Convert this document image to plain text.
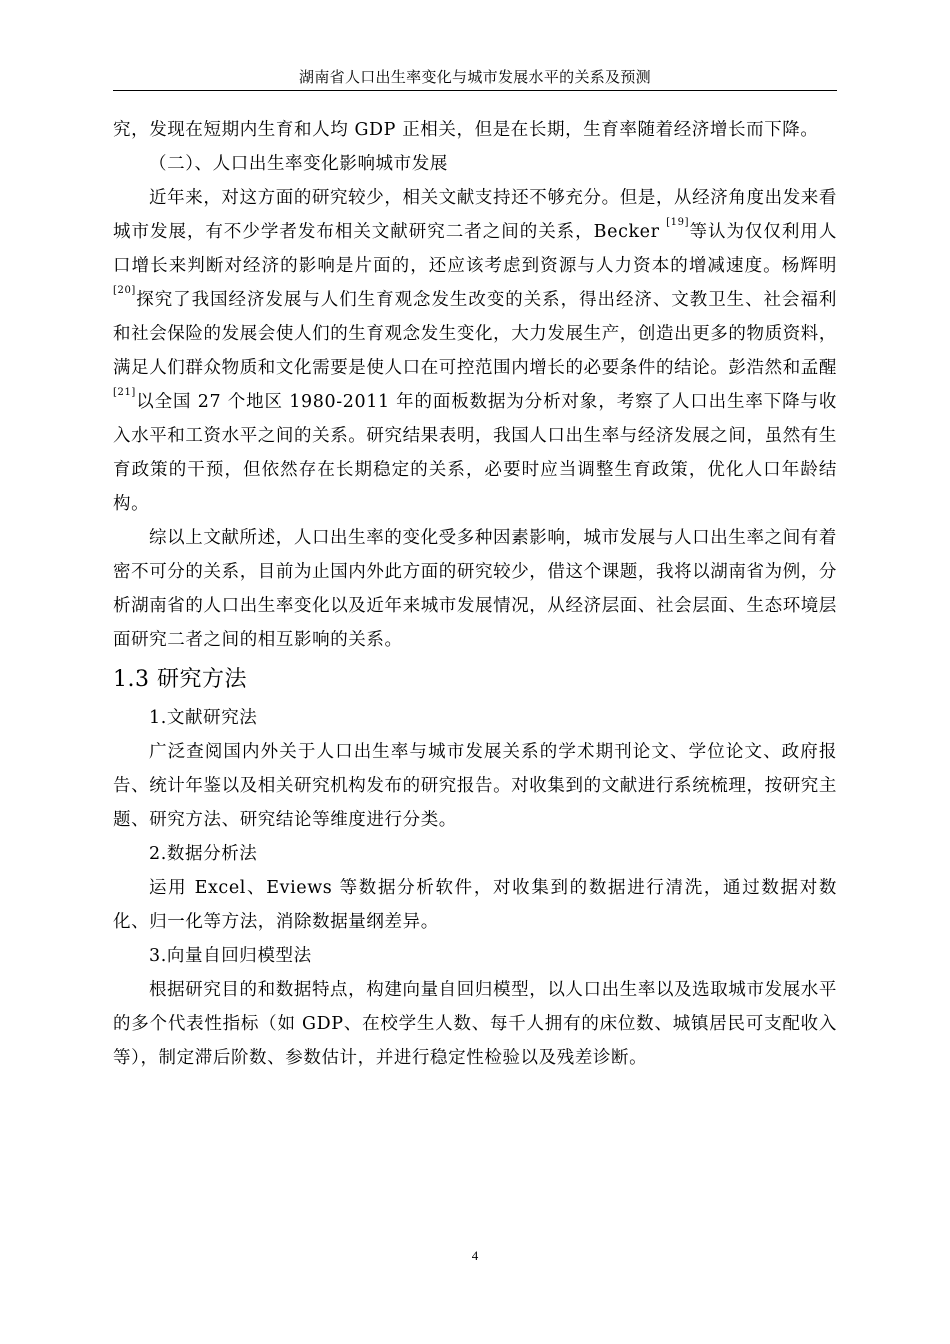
湖南省人口出生率变化与城市发展水平的关系及预测

究，发现在短期内生育和人均 GDP 正相关，但是在长期，生育率随着经济增长而下降。

（二）、人口出生率变化影响城市发展

近年来，对这方面的研究较少，相关文献支持还不够充分。但是，从经济角度出发来看城市发展，有不少学者发布相关文献研究二者之间的关系，Becker [19]等认为仅仅利用人口增长来判断对经济的影响是片面的，还应该考虑到资源与人力资本的增减速度。杨辉明[20]探究了我国经济发展与人们生育观念发生改变的关系，得出经济、文教卫生、社会福利和社会保险的发展会使人们的生育观念发生变化，大力发展生产，创造出更多的物质资料，满足人们群众物质和文化需要是使人口在可控范围内增长的必要条件的结论。彭浩然和孟醒[21]以全国 27 个地区 1980-2011 年的面板数据为分析对象，考察了人口出生率下降与收入水平和工资水平之间的关系。研究结果表明，我国人口出生率与经济发展之间，虽然有生育政策的干预，但依然存在长期稳定的关系，必要时应当调整生育政策，优化人口年龄结构。

综以上文献所述，人口出生率的变化受多种因素影响，城市发展与人口出生率之间有着密不可分的关系，目前为止国内外此方面的研究较少，借这个课题，我将以湖南省为例，分析湖南省的人口出生率变化以及近年来城市发展情况，从经济层面、社会层面、生态环境层面研究二者之间的相互影响的关系。

1.3 研究方法

1.文献研究法

广泛查阅国内外关于人口出生率与城市发展关系的学术期刊论文、学位论文、政府报告、统计年鉴以及相关研究机构发布的研究报告。对收集到的文献进行系统梳理，按研究主题、研究方法、研究结论等维度进行分类。

2.数据分析法

运用 Excel、Eviews 等数据分析软件，对收集到的数据进行清洗，通过数据对数化、归一化等方法，消除数据量纲差异。

3.向量自回归模型法

根据研究目的和数据特点，构建向量自回归模型，以人口出生率以及选取城市发展水平的多个代表性指标（如 GDP、在校学生人数、每千人拥有的床位数、城镇居民可支配收入等），制定滞后阶数、参数估计，并进行稳定性检验以及残差诊断。

4
